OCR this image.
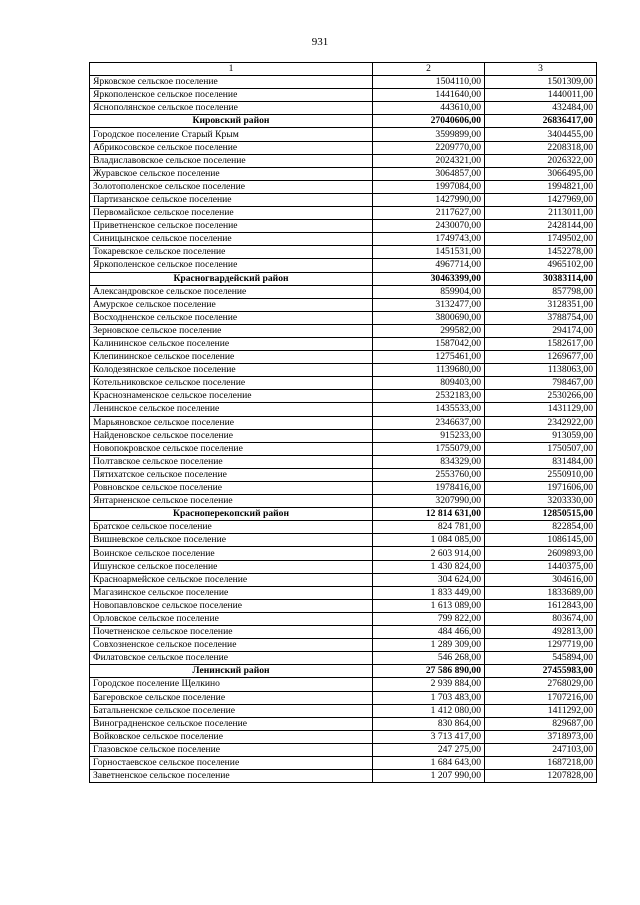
931
1	2	3
Ярковское сельское поселение	1504110,00	1501309,00
Яркополенское сельское поселение	1441640,00	1440011,00
Яснополянское сельское поселение	443610,00	432484,00
Кировский район	27040606,00	26836417,00
Городское поселение Старый Крым	3599899,00	3404455,00
Абрикосовское сельское поселение	2209770,00	2208318,00
Владиславовское сельское поселение	2024321,00	2026322,00
Журавское сельское поселение	3064857,00	3066495,00
Золотополенское сельское поселение	1997084,00	1994821,00
Партизанское сельское поселение	1427990,00	1427969,00
Первомайское сельское поселение	2117627,00	2113011,00
Приветненское сельское поселение	2430070,00	2428144,00
Синицынское сельское поселение	1749743,00	1749502,00
Токаревское сельское поселение	1451531,00	1452278,00
Яркополенское сельское поселение	4967714,00	4965102,00
Красногвардейский район	30463399,00	30383114,00
Александровское сельское поселение	859904,00	857798,00
Амурское сельское поселение	3132477,00	3128351,00
Восходненское сельское поселение	3800690,00	3788754,00
Зерновское сельское поселение	299582,00	294174,00
Калининское сельское поселение	1587042,00	1582617,00
Клепининское сельское поселение	1275461,00	1269677,00
Колодезянское сельское поселение	1139680,00	1138063,00
Котельниковское сельское поселение	809403,00	798467,00
Краснознаменское сельское поселение	2532183,00	2530266,00
Ленинское сельское поселение	1435533,00	1431129,00
Марьяновское сельское поселение	2346637,00	2342922,00
Найденовское сельское поселение	915233,00	913059,00
Новопокровское сельское поселение	1755079,00	1750507,00
Полтавское сельское поселение	834329,00	831484,00
Пятихатское сельское поселение	2553760,00	2550910,00
Ровновское сельское поселение	1978416,00	1971606,00
Янтарненское сельское поселение	3207990,00	3203330,00
Красноперекопский район	12 814 631,00	12850515,00
Братское сельское поселение	824 781,00	822854,00
Вишневское сельское поселение	1 084 085,00	1086145,00
Воинское сельское поселение	2 603 914,00	2609893,00
Ишунское сельское поселение	1 430 824,00	1440375,00
Красноармейское сельское поселение	304 624,00	304616,00
Магазинское сельское поселение	1 833 449,00	1833689,00
Новопавловское сельское поселение	1 613 089,00	1612843,00
Орловское сельское поселение	799 822,00	803674,00
Почетненское сельское поселение	484 466,00	492813,00
Совхозненское сельское поселение	1 289 309,00	1297719,00
Филатовское сельское поселение	546 268,00	545894,00
Ленинский район	27 586 890,00	27455983,00
Городское поселение Щелкино	2 939 884,00	2768029,00
Багеровское сельское поселение	1 703 483,00	1707216,00
Батальненское сельское поселение	1 412 080,00	1411292,00
Виноградненское сельское поселение	830 864,00	829687,00
Войковское сельское поселение	3 713 417,00	3718973,00
Глазовское сельское поселение	247 275,00	247103,00
Горностаевское сельское поселение	1 684 643,00	1687218,00
Заветненское сельское поселение	1 207 990,00	1207828,00
